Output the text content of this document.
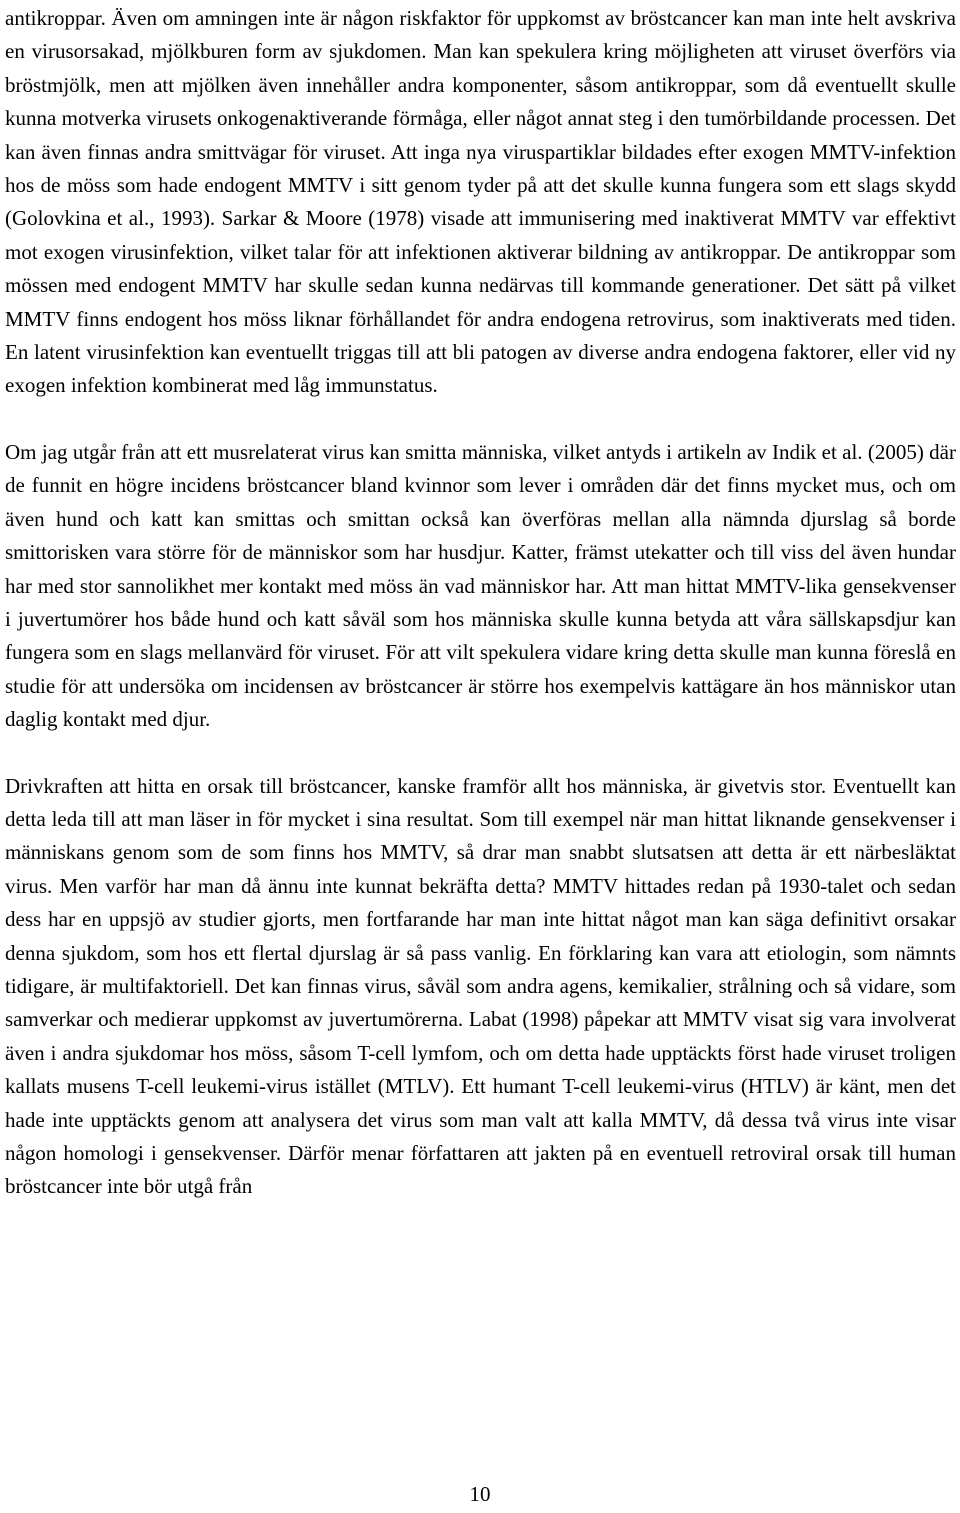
antikroppar. Även om amningen inte är någon riskfaktor för uppkomst av bröstcancer kan man inte helt avskriva en virusorsakad, mjölkburen form av sjukdomen. Man kan spekulera kring möjligheten att viruset överförs via bröstmjölk, men att mjölken även innehåller andra komponenter, såsom antikroppar, som då eventuellt skulle kunna motverka virusets onkogenaktiverande förmåga, eller något annat steg i den tumörbildande processen. Det kan även finnas andra smittvägar för viruset. Att inga nya viruspartiklar bildades efter exogen MMTV-infektion hos de möss som hade endogent MMTV i sitt genom tyder på att det skulle kunna fungera som ett slags skydd (Golovkina et al., 1993). Sarkar & Moore (1978) visade att immunisering med inaktiverat MMTV var effektivt mot exogen virusinfektion, vilket talar för att infektionen aktiverar bildning av antikroppar. De antikroppar som mössen med endogent MMTV har skulle sedan kunna nedärvas till kommande generationer. Det sätt på vilket MMTV finns endogent hos möss liknar förhållandet för andra endogena retrovirus, som inaktiverats med tiden. En latent virusinfektion kan eventuellt triggas till att bli patogen av diverse andra endogena faktorer, eller vid ny exogen infektion kombinerat med låg immunstatus.

Om jag utgår från att ett musrelaterat virus kan smitta människa, vilket antyds i artikeln av Indik et al. (2005) där de funnit en högre incidens bröstcancer bland kvinnor som lever i områden där det finns mycket mus, och om även hund och katt kan smittas och smittan också kan överföras mellan alla nämnda djurslag så borde smittorisken vara större för de människor som har husdjur. Katter, främst utekatter och till viss del även hundar har med stor sannolikhet mer kontakt med möss än vad människor har. Att man hittat MMTV-lika gensekvenser i juvertumörer hos både hund och katt såväl som hos människa skulle kunna betyda att våra sällskapsdjur kan fungera som en slags mellanvärd för viruset. För att vilt spekulera vidare kring detta skulle man kunna föreslå en studie för att undersöka om incidensen av bröstcancer är större hos exempelvis kattägare än hos människor utan daglig kontakt med djur.

Drivkraften att hitta en orsak till bröstcancer, kanske framför allt hos människa, är givetvis stor. Eventuellt kan detta leda till att man läser in för mycket i sina resultat. Som till exempel när man hittat liknande gensekvenser i människans genom som de som finns hos MMTV, så drar man snabbt slutsatsen att detta är ett närbesläktat virus. Men varför har man då ännu inte kunnat bekräfta detta? MMTV hittades redan på 1930-talet och sedan dess har en uppsjö av studier gjorts, men fortfarande har man inte hittat något man kan säga definitivt orsakar denna sjukdom, som hos ett flertal djurslag är så pass vanlig. En förklaring kan vara att etiologin, som nämnts tidigare, är multifaktoriell. Det kan finnas virus, såväl som andra agens, kemikalier, strålning och så vidare, som samverkar och medierar uppkomst av juvertumörerna. Labat (1998) påpekar att MMTV visat sig vara involverat även i andra sjukdomar hos möss, såsom T-cell lymfom, och om detta hade upptäckts först hade viruset troligen kallats musens T-cell leukemi-virus istället (MTLV). Ett humant T-cell leukemi-virus (HTLV) är känt, men det hade inte upptäckts genom att analysera det virus som man valt att kalla MMTV, då dessa två virus inte visar någon homologi i gensekvenser. Därför menar författaren att jakten på en eventuell retroviral orsak till human bröstcancer inte bör utgå från

10
